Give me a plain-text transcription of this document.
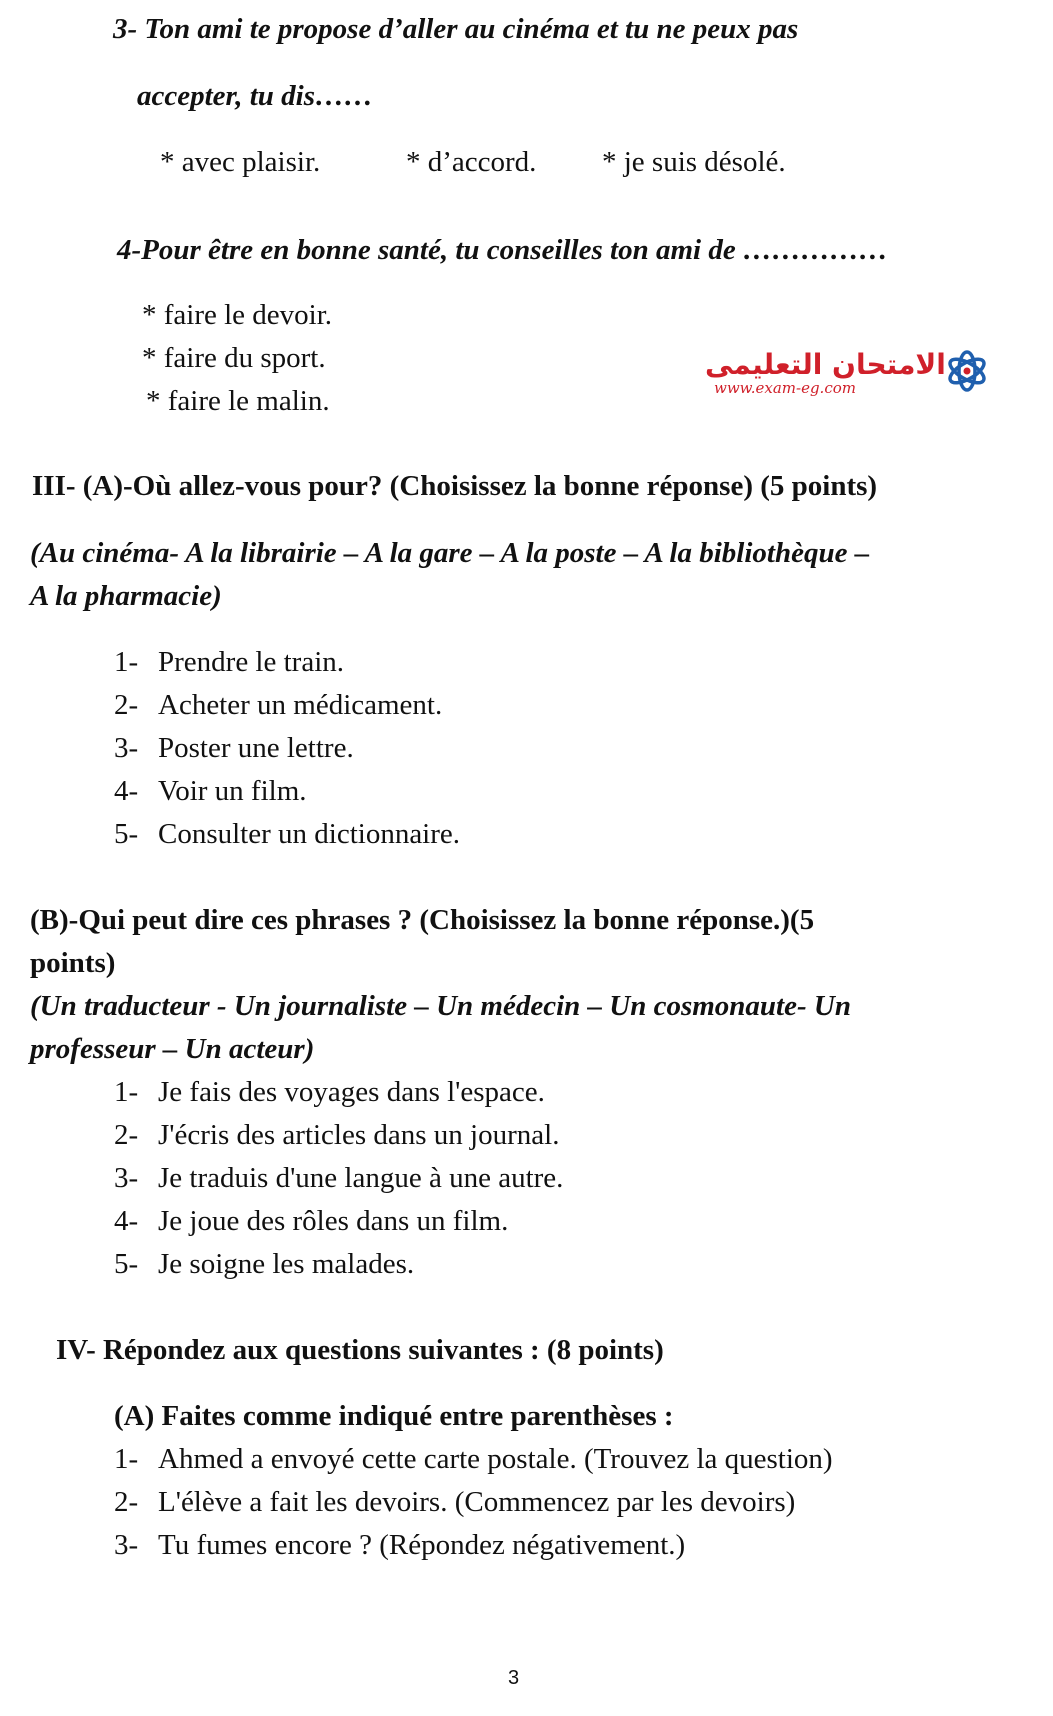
3- Ton ami te propose d’aller au cinéma et tu ne peux pas
accepter, tu dis……
* avec plaisir.	* d’accord. * je suis désolé.
4-Pour être en bonne santé, tu conseilles ton ami de ……………
* faire le devoir.
* faire du sport.
* faire le malin.
الامتحان التعليمى
www.exam-eg.com
III- (A)-Où allez-vous pour? (Choisissez la bonne réponse) (5 points)
(Au cinéma- A la librairie – A la gare – A la poste – A la bibliothèque –
A la pharmacie)
1- Prendre le train.
2- Acheter un médicament.
3- Poster une lettre.
4- Voir un film.
5- Consulter un dictionnaire.
(B)-Qui peut dire ces phrases ? (Choisissez la bonne réponse.)(5
points)
(Un traducteur - Un journaliste – Un médecin – Un cosmonaute- Un
professeur – Un acteur)
1- Je fais des voyages dans l'espace.
2- J'écris des articles dans un journal.
3- Je traduis d'une langue à une autre.
4- Je joue des rôles dans un film.
5- Je soigne les malades.
IV- Répondez aux questions suivantes : (8 points)
(A) Faites comme indiqué entre parenthèses :
1- Ahmed a envoyé cette carte postale. (Trouvez la question)
2- L'élève a fait les devoirs. (Commencez par les devoirs)
3- Tu fumes encore ? (Répondez négativement.)
3
